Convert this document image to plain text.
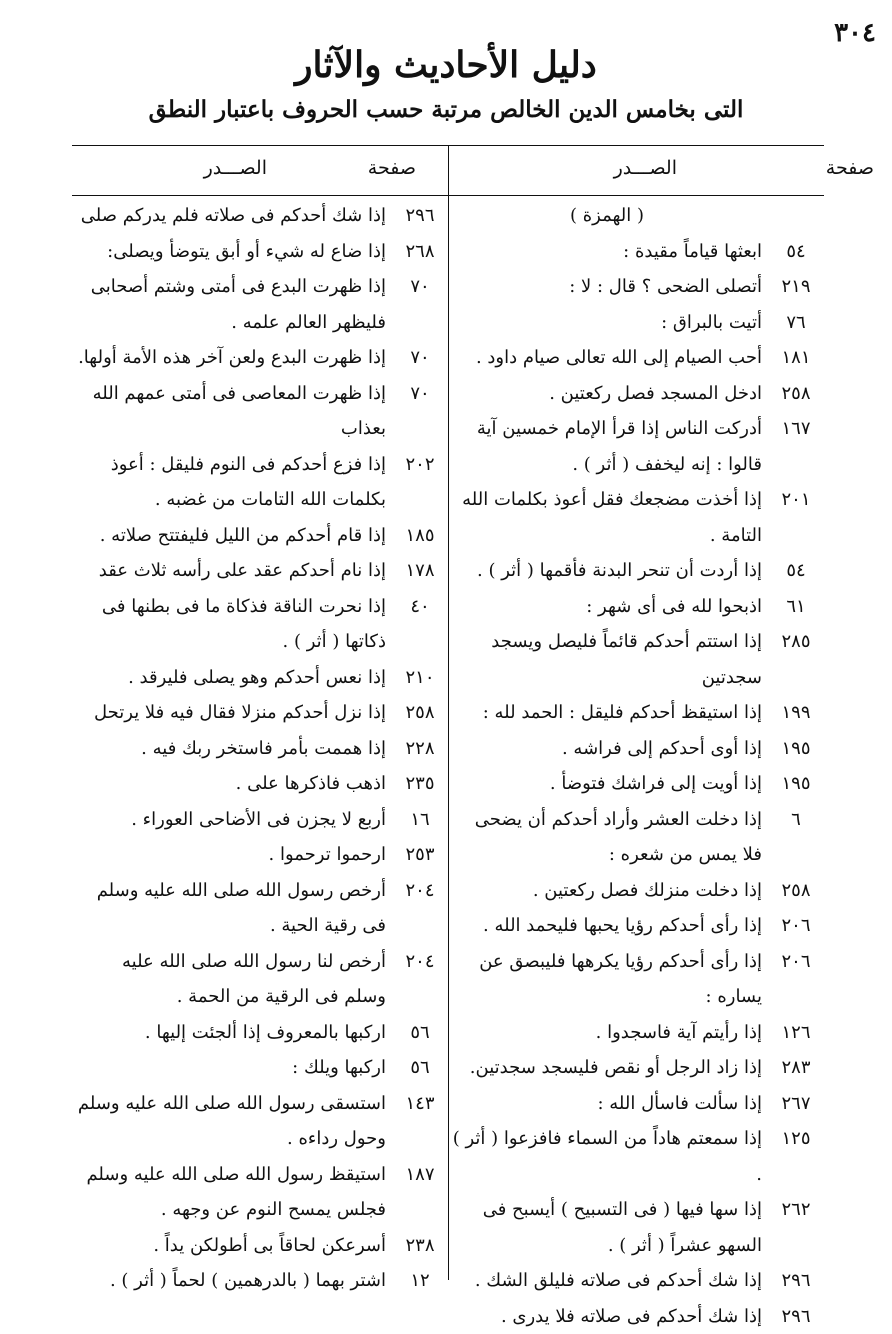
٣٠٤
دليل الأحاديث والآثار
التى بخامس الدين الخالص مرتبة حسب الحروف باعتبار النطق
صفحة
الصـــدر
صفحة
الصـــدر
( الهمزة )
٥٤
ابعثها قياماً مقيدة :
٢١٩
أتصلى الضحى ؟ قال : لا :
٧٦
أتيت بالبراق :
١٨١
أحب الصيام إلى الله تعالى صيام داود .
٢٥٨
ادخل المسجد فصل ركعتين .
١٦٧
أدركت الناس إذا قرأ الإمام خمسين آية قالوا : إنه ليخفف ( أثر ) .
٢٠١
إذا أخذت مضجعك فقل أعوذ بكلمات الله التامة .
٥٤
إذا أردت أن تنحر البدنة فأقمها ( أثر ) .
٦١
اذبحوا لله فى أى شهر :
٢٨٥
إذا استتم أحدكم قائماً فليصل ويسجد سجدتين
١٩٩
إذا استيقظ أحدكم فليقل : الحمد لله :
١٩٥
إذا أوى أحدكم إلى فراشه .
١٩٥
إذا أويت إلى فراشك فتوضأ .
٦
إذا دخلت العشر وأراد أحدكم أن يضحى فلا يمس من شعره :
٢٥٨
إذا دخلت منزلك فصل ركعتين .
٢٠٦
إذا رأى أحدكم رؤيا يحبها فليحمد الله .
٢٠٦
إذا رأى أحدكم رؤيا يكرهها فليبصق عن يساره :
١٢٦
إذا رأيتم آية فاسجدوا .
٢٨٣
إذا زاد الرجل أو نقص فليسجد سجدتين.
٢٦٧
إذا سألت فاسأل الله :
١٢٥
إذا سمعتم هاداً من السماء فافزعوا ( أثر ) .
٢٦٢
إذا سها فيها ( فى التسبيح ) أيسبح فى السهو عشراً ( أثر ) .
٢٩٦
إذا شك أحدكم فى صلاته فليلق الشك .
٢٩٦
إذا شك أحدكم فى صلاته فلا يدرى .
٢٩٦
إذا شك أحدكم فى صلاته فلم يدركم صلى
٢٦٨
إذا ضاع له شيء أو أبق يتوضأ ويصلى:
٧٠
إذا ظهرت البدع فى أمتى وشتم أصحابى فليظهر العالم علمه .
٧٠
إذا ظهرت البدع ولعن آخر هذه الأمة أولها.
٧٠
إذا ظهرت المعاصى فى أمتى عمهم الله بعذاب
٢٠٢
إذا فزع أحدكم فى النوم فليقل : أعوذ بكلمات الله التامات من غضبه .
١٨٥
إذا قام أحدكم من الليل فليفتتح صلاته .
١٧٨
إذا نام أحدكم عقد على رأسه ثلاث عقد
٤٠
إذا نحرت الناقة فذكاة ما فى بطنها فى ذكاتها ( أثر ) .
٢١٠
إذا نعس أحدكم وهو يصلى فليرقد .
٢٥٨
إذا نزل أحدكم منزلا فقال فيه فلا يرتحل
٢٢٨
إذا هممت بأمر فاستخر ربك فيه .
٢٣٥
اذهب فاذكرها على .
١٦
أربع لا يجزن فى الأضاحى العوراء .
٢٥٣
ارحموا ترحموا .
٢٠٤
أرخص رسول الله صلى الله عليه وسلم فى رقية الحية .
٢٠٤
أرخص لنا رسول الله صلى الله عليه وسلم فى الرقية من الحمة .
٥٦
اركبها بالمعروف إذا ألجئت إليها .
٥٦
اركبها ويلك :
١٤٣
استسقى رسول الله صلى الله عليه وسلم وحول رداءه .
١٨٧
استيقظ رسول الله صلى الله عليه وسلم فجلس يمسح النوم عن وجهه .
٢٣٨
أسرعكن لحاقاً بى أطولكن يداً .
١٢
اشتر بهما ( بالدرهمين ) لحماً ( أثر ) .
